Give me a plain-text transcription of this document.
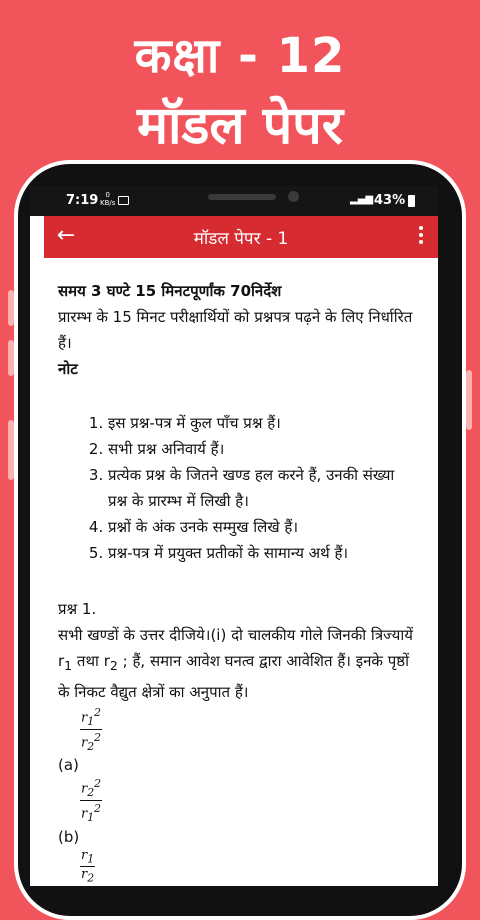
कक्षा - 12
मॉडल पेपर
7:19	0
KB/s	▂▄▆ 43%
←	मॉडल पेपर - 1
समय 3 घण्टे 15 मिनटपूर्णांक 70निर्देश
प्रारम्भ के 15 मिनट परीक्षार्थियों को प्रश्नपत्र पढ़ने के लिए निर्धारित हैं।
नोट
1. इस प्रश्न-पत्र में कुल पाँच प्रश्न हैं।
2. सभी प्रश्न अनिवार्य हैं।
3. प्रत्येक प्रश्न के जितने खण्ड हल करने हैं, उनकी संख्या प्रश्न के प्रारम्भ में लिखी है।
4. प्रश्नों के अंक उनके सम्मुख लिखे हैं।
5. प्रश्न-पत्र में प्रयुक्त प्रतीकों के सामान्य अर्थ हैं।
प्रश्न 1.
सभी खण्डों के उत्तर दीजिये।(i) दो चालकीय गोले जिनकी त्रिज्यायें $r_1$ तथा $r_2$ ; हैं, समान आवेश घनत्व द्वारा आवेशित हैं। इनके पृष्ठों के निकट वैद्युत क्षेत्रों का अनुपात हैं।
$\frac{r_1^2}{r_2^2}$
(a)
$\frac{r_2^2}{r_1^2}$
(b)
$\frac{r_1}{r_2}$
